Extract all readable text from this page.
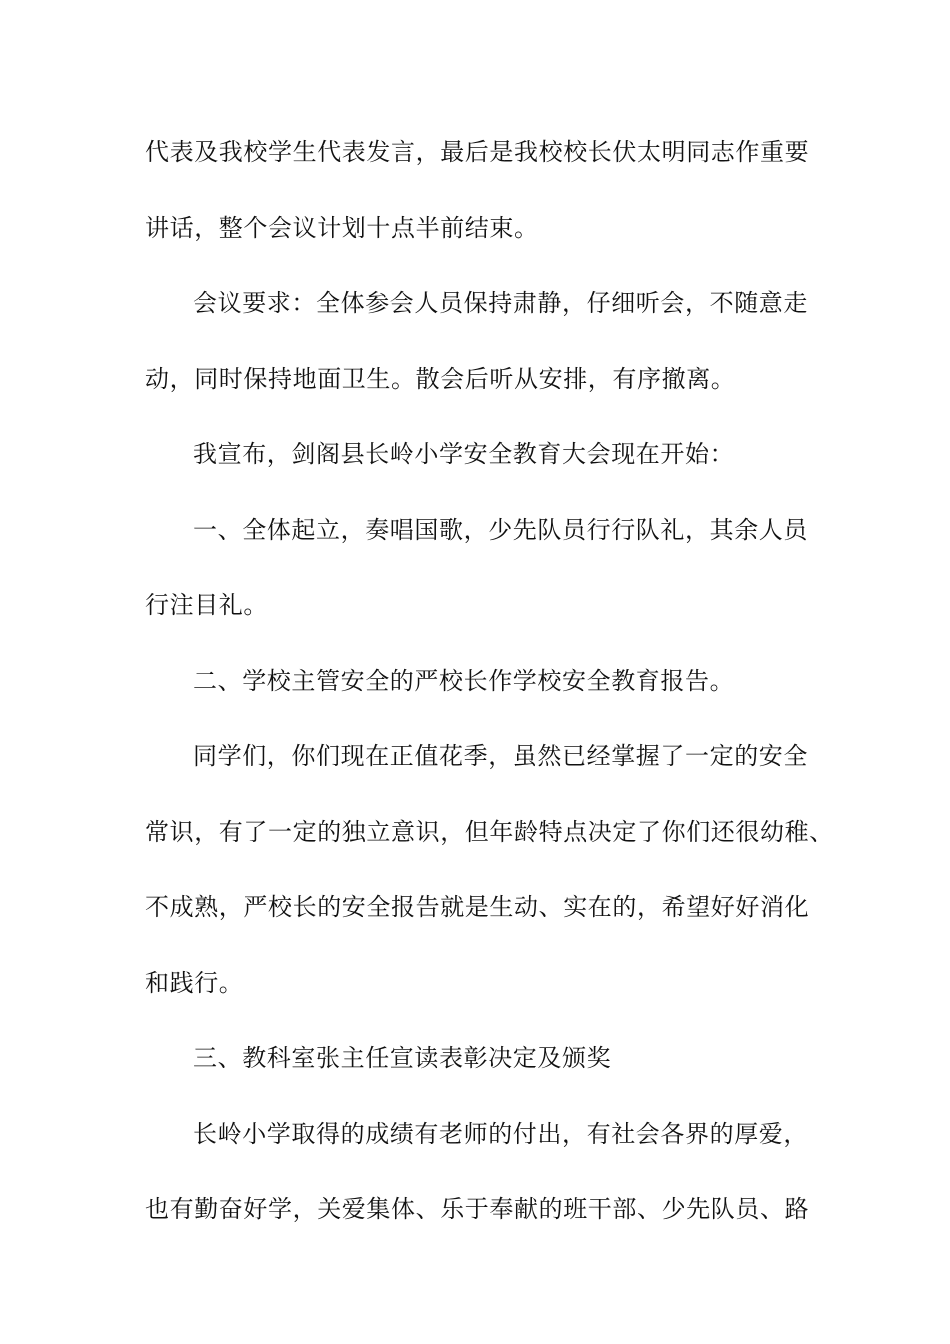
代表及我校学生代表发言，最后是我校校长伏太明同志作重要
讲话，整个会议计划十点半前结束。
会议要求：全体参会人员保持肃静，仔细听会，不随意走
动，同时保持地面卫生。散会后听从安排，有序撤离。
我宣布，剑阁县长岭小学安全教育大会现在开始：
一、全体起立，奏唱国歌，少先队员行行队礼，其余人员
行注目礼。
二、学校主管安全的严校长作学校安全教育报告。
同学们，你们现在正值花季，虽然已经掌握了一定的安全
常识，有了一定的独立意识，但年龄特点决定了你们还很幼稚、
不成熟，严校长的安全报告就是生动、实在的，希望好好消化
和践行。
三、教科室张主任宣读表彰决定及颁奖
长岭小学取得的成绩有老师的付出，有社会各界的厚爱，
也有勤奋好学，关爱集体、乐于奉献的班干部、少先队员、路
